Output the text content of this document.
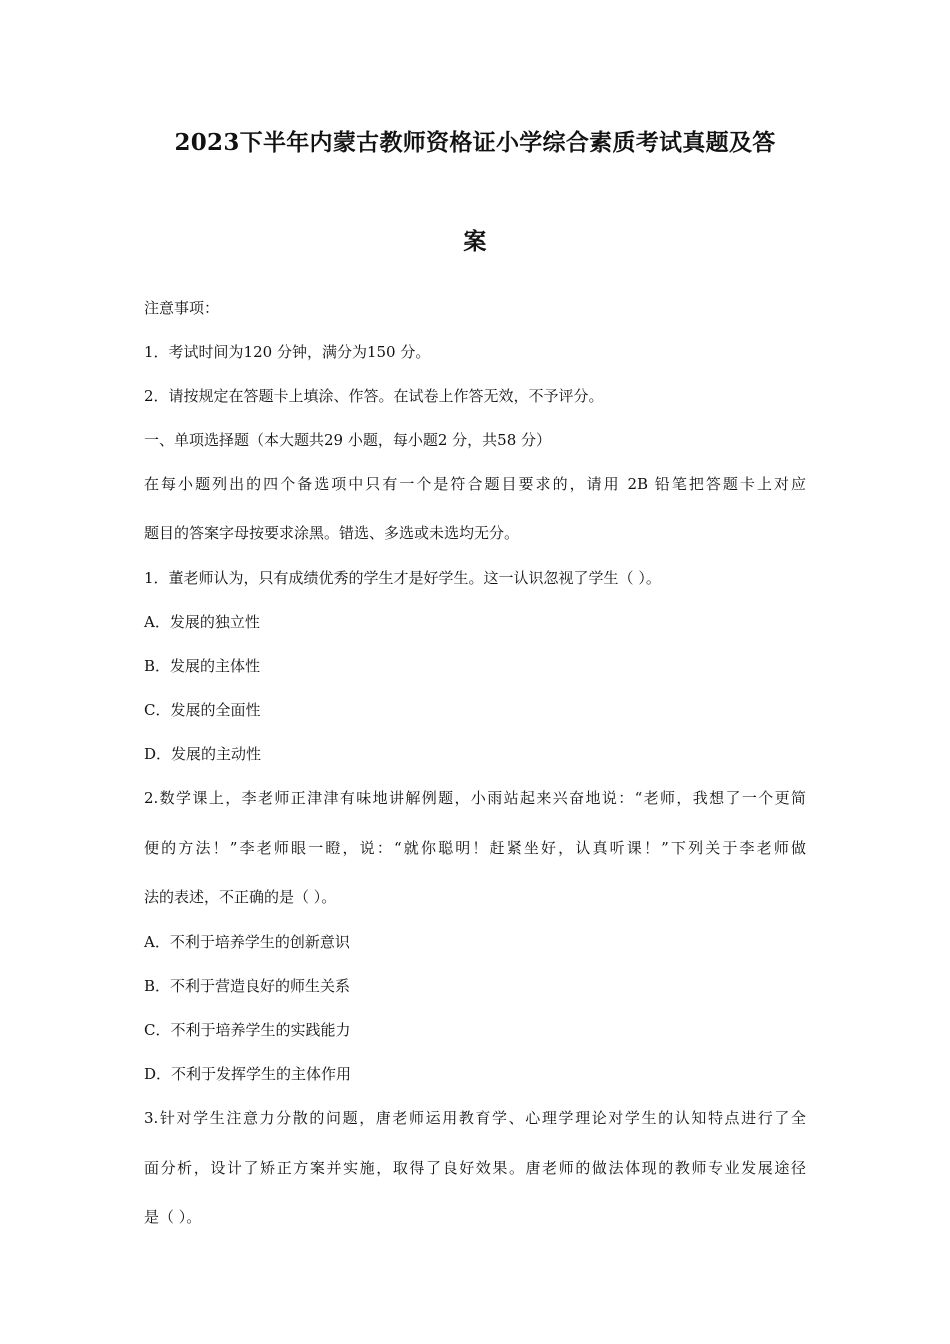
2023下半年内蒙古教师资格证小学综合素质考试真题及答
案
注意事项：
1．考试时间为120 分钟，满分为150 分。
2．请按规定在答题卡上填涂、作答。在试卷上作答无效，不予评分。
一、单项选择题（本大题共29 小题，每小题2 分，共58 分）
在每小题列出的四个备选项中只有一个是符合题目要求的，请用 2B 铅笔把答题卡上对应
题目的答案字母按要求涂黑。错选、多选或未选均无分。
1．董老师认为，只有成绩优秀的学生才是好学生。这一认识忽视了学生（ ）。
A．发展的独立性
B．发展的主体性
C．发展的全面性
D．发展的主动性
2.数学课上，李老师正津津有味地讲解例题，小雨站起来兴奋地说：“老师，我想了一个更简
便的方法！”李老师眼一瞪，说：“就你聪明！赶紧坐好，认真听课！”下列关于李老师做
法的表述，不正确的是（ ）。
A．不利于培养学生的创新意识
B．不利于营造良好的师生关系
C．不利于培养学生的实践能力
D．不利于发挥学生的主体作用
3.针对学生注意力分散的问题，唐老师运用教育学、心理学理论对学生的认知特点进行了全
面分析，设计了矫正方案并实施，取得了良好效果。唐老师的做法体现的教师专业发展途径
是（ ）。
